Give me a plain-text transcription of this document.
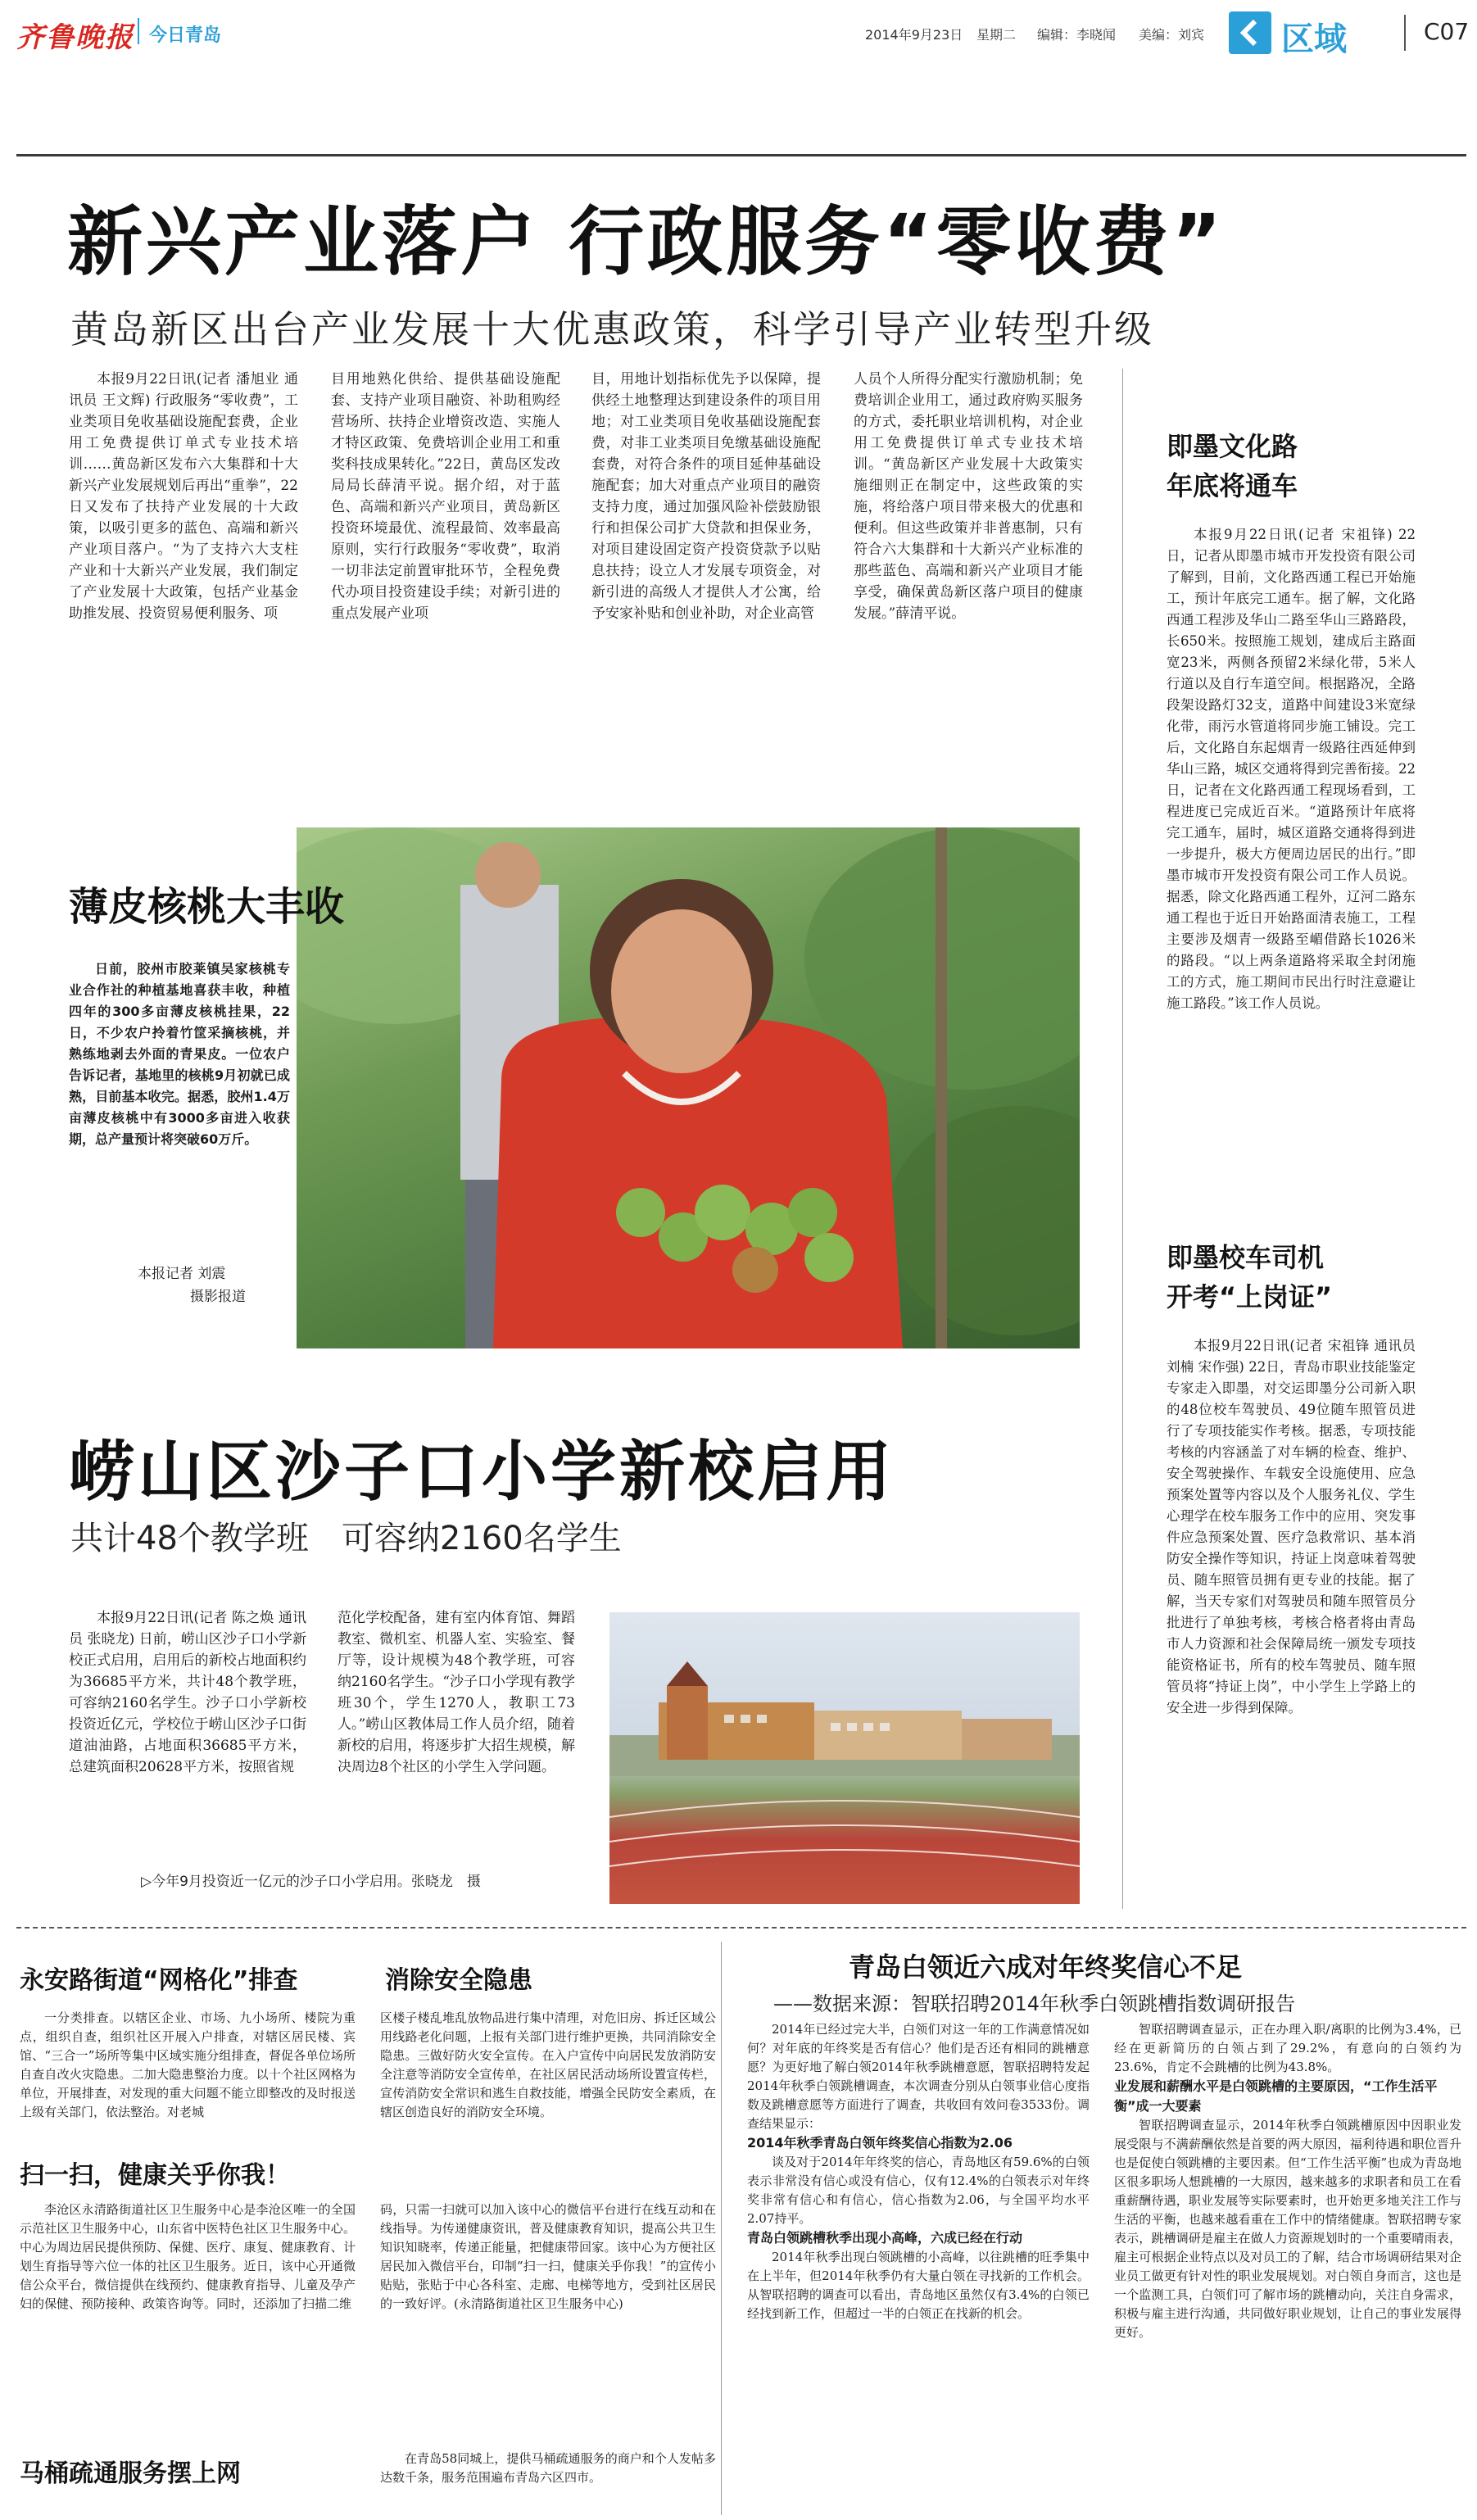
齐鲁晚报 今日青岛	2014年9月23日 星期二 编辑：李晓闻 美编：刘宾 区域	C07
新兴产业落户 行政服务“零收费”
黄岛新区出台产业发展十大优惠政策，科学引导产业转型升级

本报9月22日讯(记者 潘旭业 通讯员 王文辉) 行政服务“零收费”，工业类项目免收基础设施配套费，企业用工免费提供订单式专业技术培训……黄岛新区发布六大集群和十大新兴产业发展规划后再出“重拳”，22日又发布了扶持产业发展的十大政策，以吸引更多的蓝色、高端和新兴产业项目落户。“为了支持六大支柱产业和十大新兴产业发展，我们制定了产业发展十大政策，包括产业基金助推发展、投资贸易便利服务、项

目用地熟化供给、提供基础设施配套、支持产业项目融资、补助租购经营场所、扶持企业增资改造、实施人才特区政策、免费培训企业用工和重奖科技成果转化。”22日，黄岛区发改局局长薛清平说。据介绍，对于蓝色、高端和新兴产业项目，黄岛新区投资环境最优、流程最简、效率最高原则，实行行政服务“零收费”，取消一切非法定前置审批环节，全程免费代办项目投资建设手续；对新引进的重点发展产业项

目，用地计划指标优先予以保障，提供经土地整理达到建设条件的项目用地；对工业类项目免收基础设施配套费，对非工业类项目免缴基础设施配套费，对符合条件的项目延伸基础设施配套；加大对重点产业项目的融资支持力度，通过加强风险补偿鼓励银行和担保公司扩大贷款和担保业务，对项目建设固定资产投资贷款予以贴息扶持；设立人才发展专项资金，对新引进的高级人才提供人才公寓，给予安家补贴和创业补助，对企业高管

人员个人所得分配实行激励机制；免费培训企业用工，通过政府购买服务的方式，委托职业培训机构，对企业用工免费提供订单式专业技术培训。“黄岛新区产业发展十大政策实施细则正在制定中，这些政策的实施，将给落户项目带来极大的优惠和便利。但这些政策并非普惠制，只有符合六大集群和十大新兴产业标准的那些蓝色、高端和新兴产业项目才能享受，确保黄岛新区落户项目的健康发展。”薛清平说。

薄皮核桃大丰收

日前，胶州市胶莱镇吴家核桃专业合作社的种植基地喜获丰收，种植四年的300多亩薄皮核桃挂果，22日，不少农户拎着竹筐采摘核桃，并熟练地剥去外面的青果皮。一位农户告诉记者，基地里的核桃9月初就已成熟，目前基本收完。据悉，胶州1.4万亩薄皮核桃中有3000多亩进入收获期，总产量预计将突破60万斤。

本报记者 刘震
摄影报道
即墨文化路
年底将通车

本报9月22日讯(记者 宋祖锋) 22日，记者从即墨市城市开发投资有限公司了解到，目前，文化路西通工程已开始施工，预计年底完工通车。据了解，文化路西通工程涉及华山二路至华山三路路段，长650米。按照施工规划，建成后主路面宽23米，两侧各预留2米绿化带，5米人行道以及自行车道空间。根据路况，全路段架设路灯32支，道路中间建设3米宽绿化带，雨污水管道将同步施工铺设。完工后，文化路自东起烟青一级路往西延伸到华山三路，城区交通将得到完善衔接。22日，记者在文化路西通工程现场看到，工程进度已完成近百米。“道路预计年底将完工通车，届时，城区道路交通将得到进一步提升，极大方便周边居民的出行。”即墨市城市开发投资有限公司工作人员说。据悉，除文化路西通工程外，辽河二路东通工程也于近日开始路面清表施工，工程主要涉及烟青一级路至嵋借路长1026米的路段。“以上两条道路将采取全封闭施工的方式，施工期间市民出行时注意避让施工路段。”该工作人员说。

即墨校车司机
开考“上岗证”

本报9月22日讯(记者 宋祖锋 通讯员 刘楠 宋作强) 22日，青岛市职业技能鉴定专家走入即墨，对交运即墨分公司新入职的48位校车驾驶员、49位随车照管员进行了专项技能实作考核。据悉，专项技能考核的内容涵盖了对车辆的检查、维护、安全驾驶操作、车载安全设施使用、应急预案处置等内容以及个人服务礼仪、学生心理学在校车服务工作中的应用、突发事件应急预案处置、医疗急救常识、基本消防安全操作等知识，持证上岗意味着驾驶员、随车照管员拥有更专业的技能。据了解，当天专家们对驾驶员和随车照管员分批进行了单独考核，考核合格者将由青岛市人力资源和社会保障局统一颁发专项技能资格证书，所有的校车驾驶员、随车照管员将“持证上岗”，中小学生上学路上的安全进一步得到保障。

崂山区沙子口小学新校启用
共计48个教学班　可容纳2160名学生

本报9月22日讯(记者 陈之焕 通讯员 张晓龙) 日前，崂山区沙子口小学新校正式启用，启用后的新校占地面积约为36685平方米，共计48个教学班，可容纳2160名学生。沙子口小学新校投资近亿元，学校位于崂山区沙子口街道油油路，占地面积36685平方米，总建筑面积20628平方米，按照省规

范化学校配备，建有室内体育馆、舞蹈教室、微机室、机器人室、实验室、餐厅等，设计规模为48个教学班，可容纳2160名学生。“沙子口小学现有教学班30个，学生1270人，教职工73人。”崂山区教体局工作人员介绍，随着新校的启用，将逐步扩大招生规模，解决周边8个社区的小学生入学问题。

▷今年9月投资近一亿元的沙子口小学启用。张晓龙　摄
永安路街道“网格化”排查	消除安全隐患

一分类排查。以辖区企业、市场、九小场所、楼院为重点，组织自查，组织社区开展入户排查，对辖区居民楼、宾馆、“三合一”场所等集中区域实施分组排查，督促各单位场所自查自改火灾隐患。二加大隐患整治力度。以十个社区网格为单位，开展排查，对发现的重大问题不能立即整改的及时报送上级有关部门，依法整治。对老城

区楼子楼乱堆乱放物品进行集中清理，对危旧房、拆迁区域公用线路老化问题，上报有关部门进行维护更换，共同消除安全隐患。三做好防火安全宣传。在入户宣传中向居民发放消防安全注意等消防安全宣传单，在社区居民活动场所设置宣传栏，宣传消防安全常识和逃生自救技能，增强全民防安全素质，在辖区创造良好的消防安全环境。

扫一扫，健康关乎你我！

李沧区永清路街道社区卫生服务中心是李沧区唯一的全国示范社区卫生服务中心，山东省中医特色社区卫生服务中心。中心为周边居民提供预防、保健、医疗、康复、健康教育、计划生育指导等六位一体的社区卫生服务。近日，该中心开通微信公众平台，微信提供在线预约、健康教育指导、儿童及孕产妇的保健、预防接种、政策咨询等。同时，还添加了扫描二维

码，只需一扫就可以加入该中心的微信平台进行在线互动和在线指导。为传递健康资讯，普及健康教育知识，提高公共卫生知识知晓率，传递正能量，把健康带回家。该中心为方便社区居民加入微信平台，印制“扫一扫，健康关乎你我！”的宣传小贴贴，张贴于中心各科室、走廊、电梯等地方，受到社区居民的一致好评。(永清路街道社区卫生服务中心)

马桶疏通服务摆上网

在青岛58同城上，提供马桶疏通服务的商户和个人发帖多达数千条，服务范围遍布青岛六区四市。

青岛白领近六成对年终奖信心不足
——数据来源：智联招聘2014年秋季白领跳槽指数调研报告

2014年已经过完大半，白领们对这一年的工作满意情况如何？对年底的年终奖是否有信心？他们是否还有相同的跳槽意愿？为更好地了解白领2014年秋季跳槽意愿，智联招聘特发起2014年秋季白领跳槽调查，本次调查分别从白领事业信心度指数及跳槽意愿等方面进行了调查，共收回有效问卷3533份。调查结果显示：

2014年秋季青岛白领年终奖信心指数为2.06

谈及对于2014年年终奖的信心，青岛地区有59.6%的白领表示非常没有信心或没有信心，仅有12.4%的白领表示对年终奖非常有信心和有信心，信心指数为2.06，与全国平均水平2.07持平。

青岛白领跳槽秋季出现小高峰，六成已经在行动

2014年秋季出现白领跳槽的小高峰，以往跳槽的旺季集中在上半年，但2014年秋季仍有大量白领在寻找新的工作机会。从智联招聘的调查可以看出，青岛地区虽然仅有3.4%的白领已经找到新工作，但超过一半的白领正在找新的机会。

智联招聘调查显示，正在办理入职/离职的比例为3.4%，已经在更新简历的白领占到了29.2%，有意向的白领约为23.6%，肯定不会跳槽的比例为43.8%。

业发展和薪酬水平是白领跳槽的主要原因，“工作生活平衡”成一大要素

智联招聘调查显示，2014年秋季白领跳槽原因中因职业发展受限与不满薪酬依然是首要的两大原因，福利待遇和职位晋升也是促使白领跳槽的主要因素。但“工作生活平衡”也成为青岛地区很多职场人想跳槽的一大原因，越来越多的求职者和员工在看重薪酬待遇，职业发展等实际要素时，也开始更多地关注工作与生活的平衡，也越来越看重在工作中的情绪健康。智联招聘专家表示，跳槽调研是雇主在做人力资源规划时的一个重要晴雨表，雇主可根据企业特点以及对员工的了解，结合市场调研结果对企业员工做更有针对性的职业发展规划。对白领自身而言，这也是一个监测工具，白领们可了解市场的跳槽动向，关注自身需求，积极与雇主进行沟通，共同做好职业规划，让自己的事业发展得更好。
